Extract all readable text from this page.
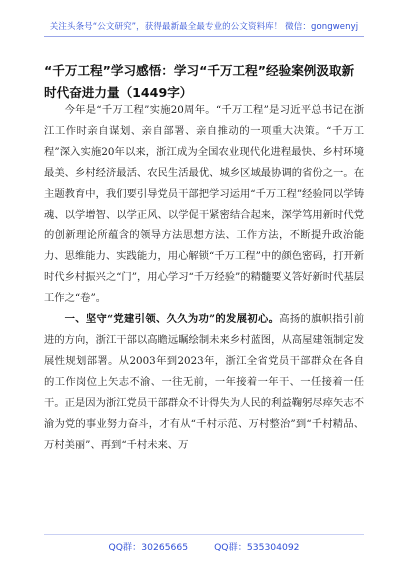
关注头条号“公文研究”，获得最新最全最专业的公文资料库！ 微信：gongwenyj
“千万工程”学习感悟：学习“千万工程”经验案例汲取新时代奋进力量（1449字）

今年是“千万工程”实施20周年。“千万工程”是习近平总书记在浙江工作时亲自谋划、亲自部署、亲自推动的一项重大决策。“千万工程”深入实施20年以来，浙江成为全国农业现代化进程最快、乡村环境最美、乡村经济最活、农民生活最优、城乡区域最协调的省份之一。在主题教育中，我们要引导党员干部把学习运用“千万工程”经验同以学铸魂、以学增智、以学正风、以学促干紧密结合起来，深学笃用新时代党的创新理论所蕴含的领导方法思想方法、工作方法，不断提升政治能力、思维能力、实践能力，用心解锁“千万工程”中的颜色密码，打开新时代乡村振兴之“门”，用心学习“千万经验”的精髓要义答好新时代基层工作之“卷”。

一、坚守“党建引领、久久为功”的发展初心。高扬的旗帜指引前进的方向，浙江干部以高瞻远瞩绘制未来乡村蓝图，从高屋建瓴制定发展性规划部署。从2003年到2023年，浙江全省党员干部群众在各自的工作岗位上矢志不渝、一往无前，一年接着一年干、一任接着一任干。正是因为浙江党员干部群众不计得失为人民的利益鞠躬尽瘁矢志不渝为党的事业努力奋斗，才有从“千村示范、万村整治”到“千村精品、万村美丽”、再到“千村未来、万

QQ群：30265665	QQ群：535304092
